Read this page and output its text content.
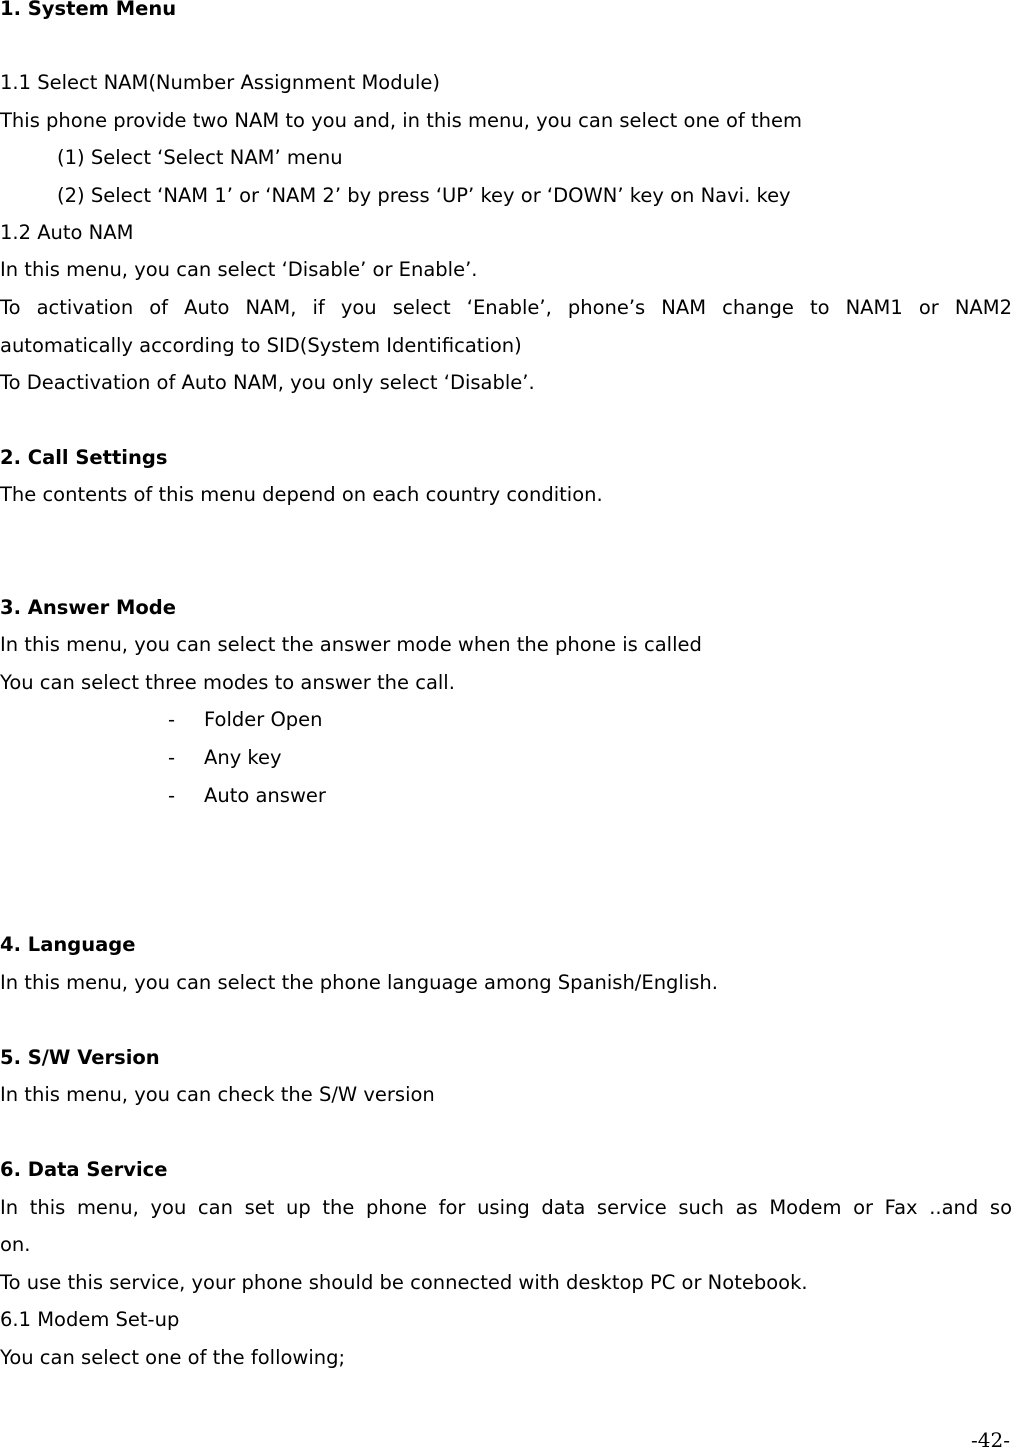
1. System Menu
1.1 Select NAM(Number Assignment Module)
This phone provide two NAM to you and, in this menu, you can select one of them
(1) Select ‘Select NAM’ menu
(2) Select ‘NAM 1’ or ‘NAM 2’ by press ‘UP’ key or ‘DOWN’ key on Navi. key
1.2 Auto NAM
In this menu, you can select ‘Disable’ or Enable’.
To activation of Auto NAM, if you select ‘Enable’, phone’s NAM change to NAM1 or NAM2
automatically according to SID(System Identification)
To Deactivation of Auto NAM, you only select ‘Disable’.
2. Call Settings
The contents of this menu depend on each country condition.
3. Answer Mode
In this menu, you can select the answer mode when the phone is called
You can select three modes to answer the call.
- Folder Open
- Any key
- Auto answer
4. Language
In this menu, you can select the phone language among Spanish/English.
5. S/W Version
In this menu, you can check the S/W version
6. Data Service
In this menu, you can set up the phone for using data service such as Modem or Fax ..and so
on.
To use this service, your phone should be connected with desktop PC or Notebook.
6.1 Modem Set-up
You can select one of the following;
-42-
